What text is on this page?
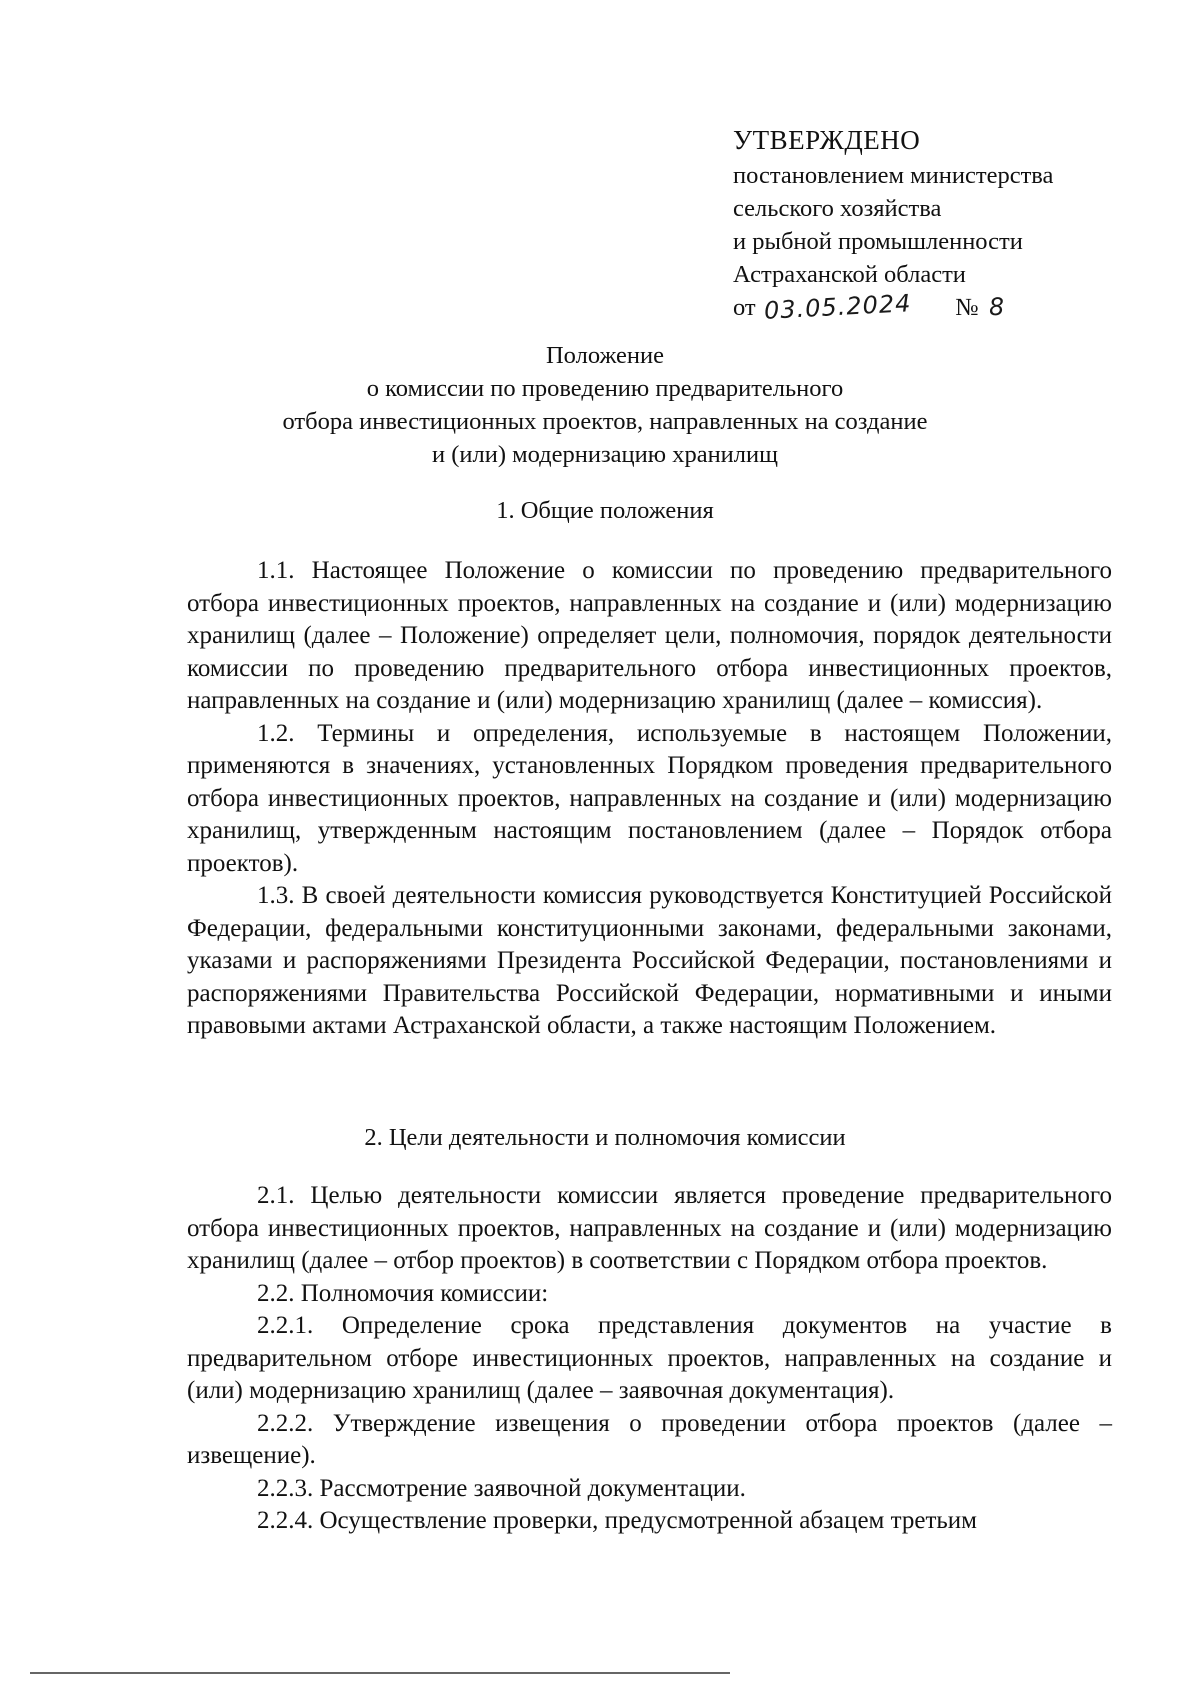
УТВЕРЖДЕНО
постановлением министерства
сельского хозяйства
и рыбной промышленности
Астраханской области
от 03.05.2024 № 8
Положение
о комиссии по проведению предварительного
отбора инвестиционных проектов, направленных на создание
и (или) модернизацию хранилищ
1. Общие положения

1.1. Настоящее Положение о комиссии по проведению предварительного отбора инвестиционных проектов, направленных на создание и (или) модернизацию хранилищ (далее – Положение) определяет цели, полномочия, порядок деятельности комиссии по проведению предварительного отбора инвестиционных проектов, направленных на создание и (или) модернизацию хранилищ (далее – комиссия).

1.2. Термины и определения, используемые в настоящем Положении, применяются в значениях, установленных Порядком проведения предварительного отбора инвестиционных проектов, направленных на создание и (или) модернизацию хранилищ, утвержденным настоящим постановлением (далее – Порядок отбора проектов).

1.3. В своей деятельности комиссия руководствуется Конституцией Российской Федерации, федеральными конституционными законами, федеральными законами, указами и распоряжениями Президента Российской Федерации, постановлениями и распоряжениями Правительства Российской Федерации, нормативными и иными правовыми актами Астраханской области, а также настоящим Положением.

2. Цели деятельности и полномочия комиссии

2.1. Целью деятельности комиссии является проведение предварительного отбора инвестиционных проектов, направленных на создание и (или) модернизацию хранилищ (далее – отбор проектов) в соответствии с Порядком отбора проектов.

2.2. Полномочия комиссии:

2.2.1. Определение срока представления документов на участие в предварительном отборе инвестиционных проектов, направленных на создание и (или) модернизацию хранилищ (далее – заявочная документация).

2.2.2. Утверждение извещения о проведении отбора проектов (далее – извещение).

2.2.3. Рассмотрение заявочной документации.

2.2.4. Осуществление проверки, предусмотренной абзацем третьим
